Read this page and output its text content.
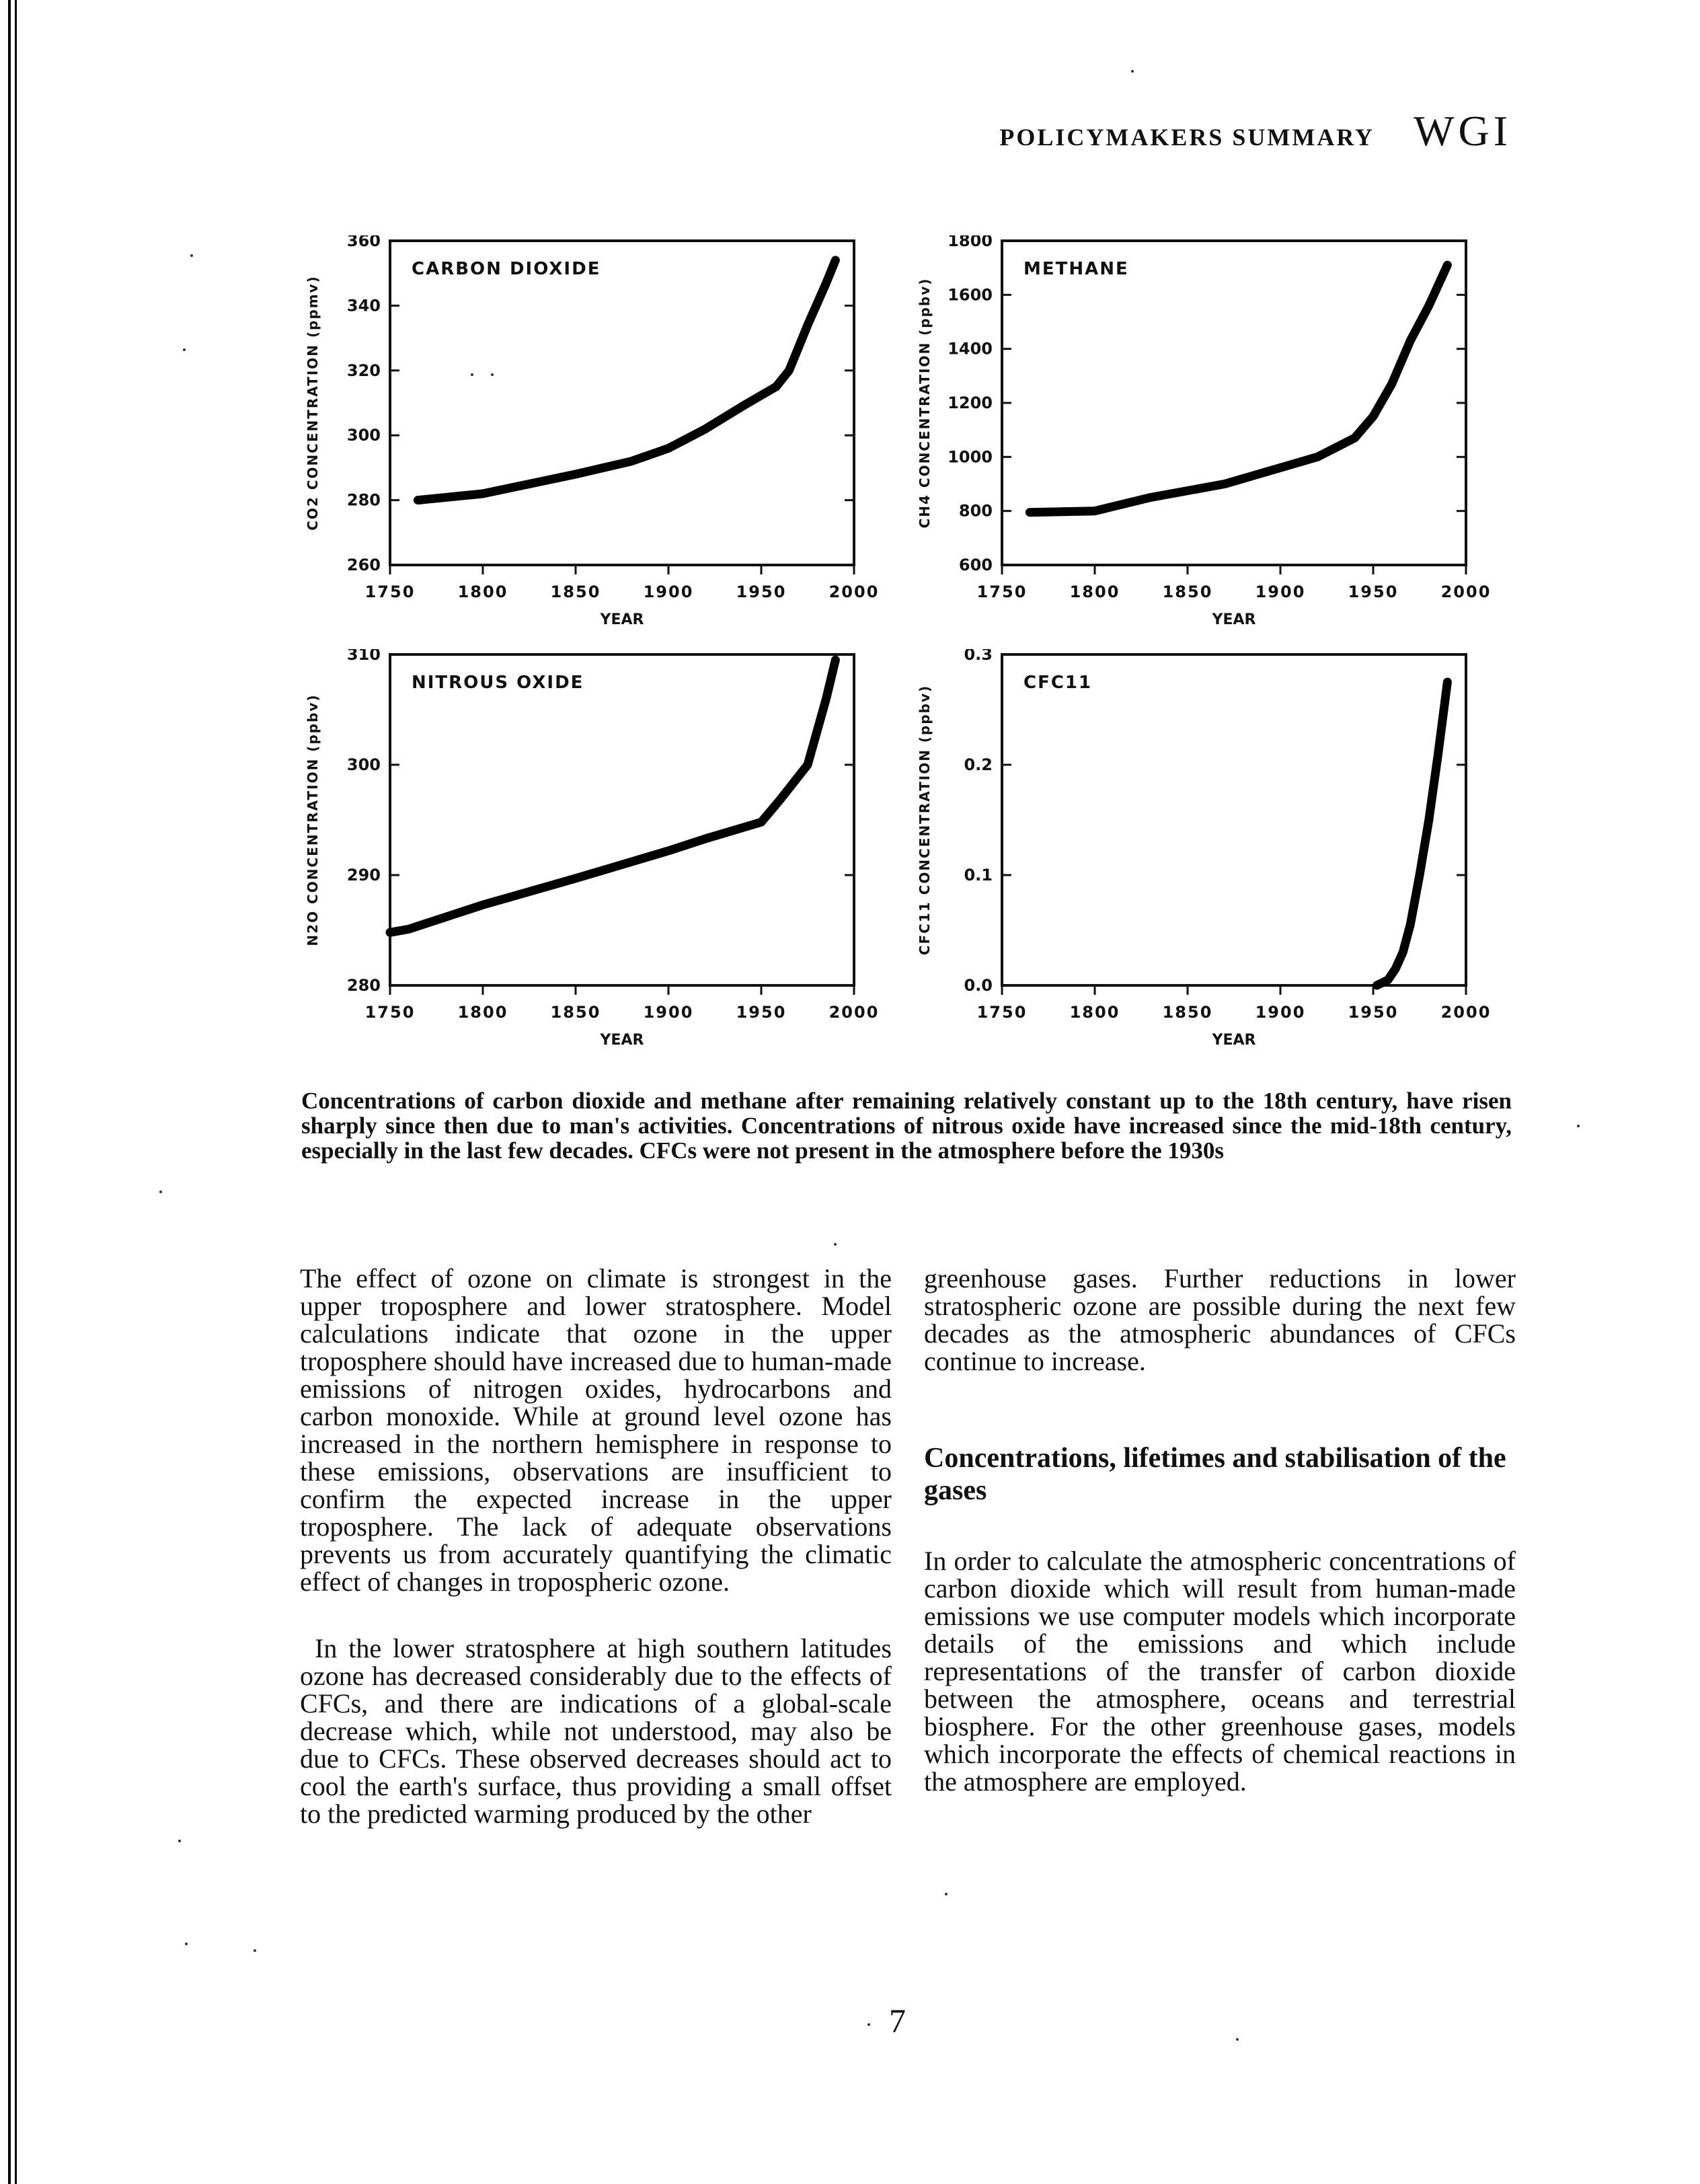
POLICYMAKERS SUMMARY WGI
260
280
300
320
340
360
1750	1800	1850	1900	1950	2000
YEAR
CO2 CONCENTRATION (ppmv)
CARBON DIOXIDE
600
800
1000
1200
1400
1600
1800
1750	1800	1850	1900	1950	2000
YEAR
CH4 CONCENTRATION (ppbv)
METHANE
280
290
300
310
1750	1800	1850	1900	1950	2000
YEAR
N2O CONCENTRATION (ppbv)
NITROUS OXIDE
0.0
0.1
0.2
0.3
1750	1800	1850	1900	1950	2000
YEAR
CFC11 CONCENTRATION (ppbv)
CFC11

Concentrations of carbon dioxide and methane after remaining relatively constant up to the 18th century, have risen sharply since then due to man's activities. Concentrations of nitrous oxide have increased since the mid-18th century, especially in the last few decades. CFCs were not present in the atmosphere before the 1930s

The effect of ozone on climate is strongest in the upper troposphere and lower stratosphere. Model calculations indicate that ozone in the upper troposphere should have increased due to human-made emissions of nitrogen oxides, hydrocarbons and carbon monoxide. While at ground level ozone has increased in the northern hemisphere in response to these emissions, observations are insufficient to confirm the expected increase in the upper troposphere. The lack of adequate observations prevents us from accurately quantifying the climatic effect of changes in tropospheric ozone.

In the lower stratosphere at high southern latitudes ozone has decreased considerably due to the effects of CFCs, and there are indications of a global-scale decrease which, while not understood, may also be due to CFCs. These observed decreases should act to cool the earth's surface, thus providing a small offset to the predicted warming produced by the other

greenhouse gases. Further reductions in lower stratospheric ozone are possible during the next few decades as the atmospheric abundances of CFCs continue to increase.

Concentrations, lifetimes and stabilisation of the gases

In order to calculate the atmospheric concentrations of carbon dioxide which will result from human-made emissions we use computer models which incorporate details of the emissions and which include representations of the transfer of carbon dioxide between the atmosphere, oceans and terrestrial biosphere. For the other greenhouse gases, models which incorporate the effects of chemical reactions in the atmosphere are employed.

7
